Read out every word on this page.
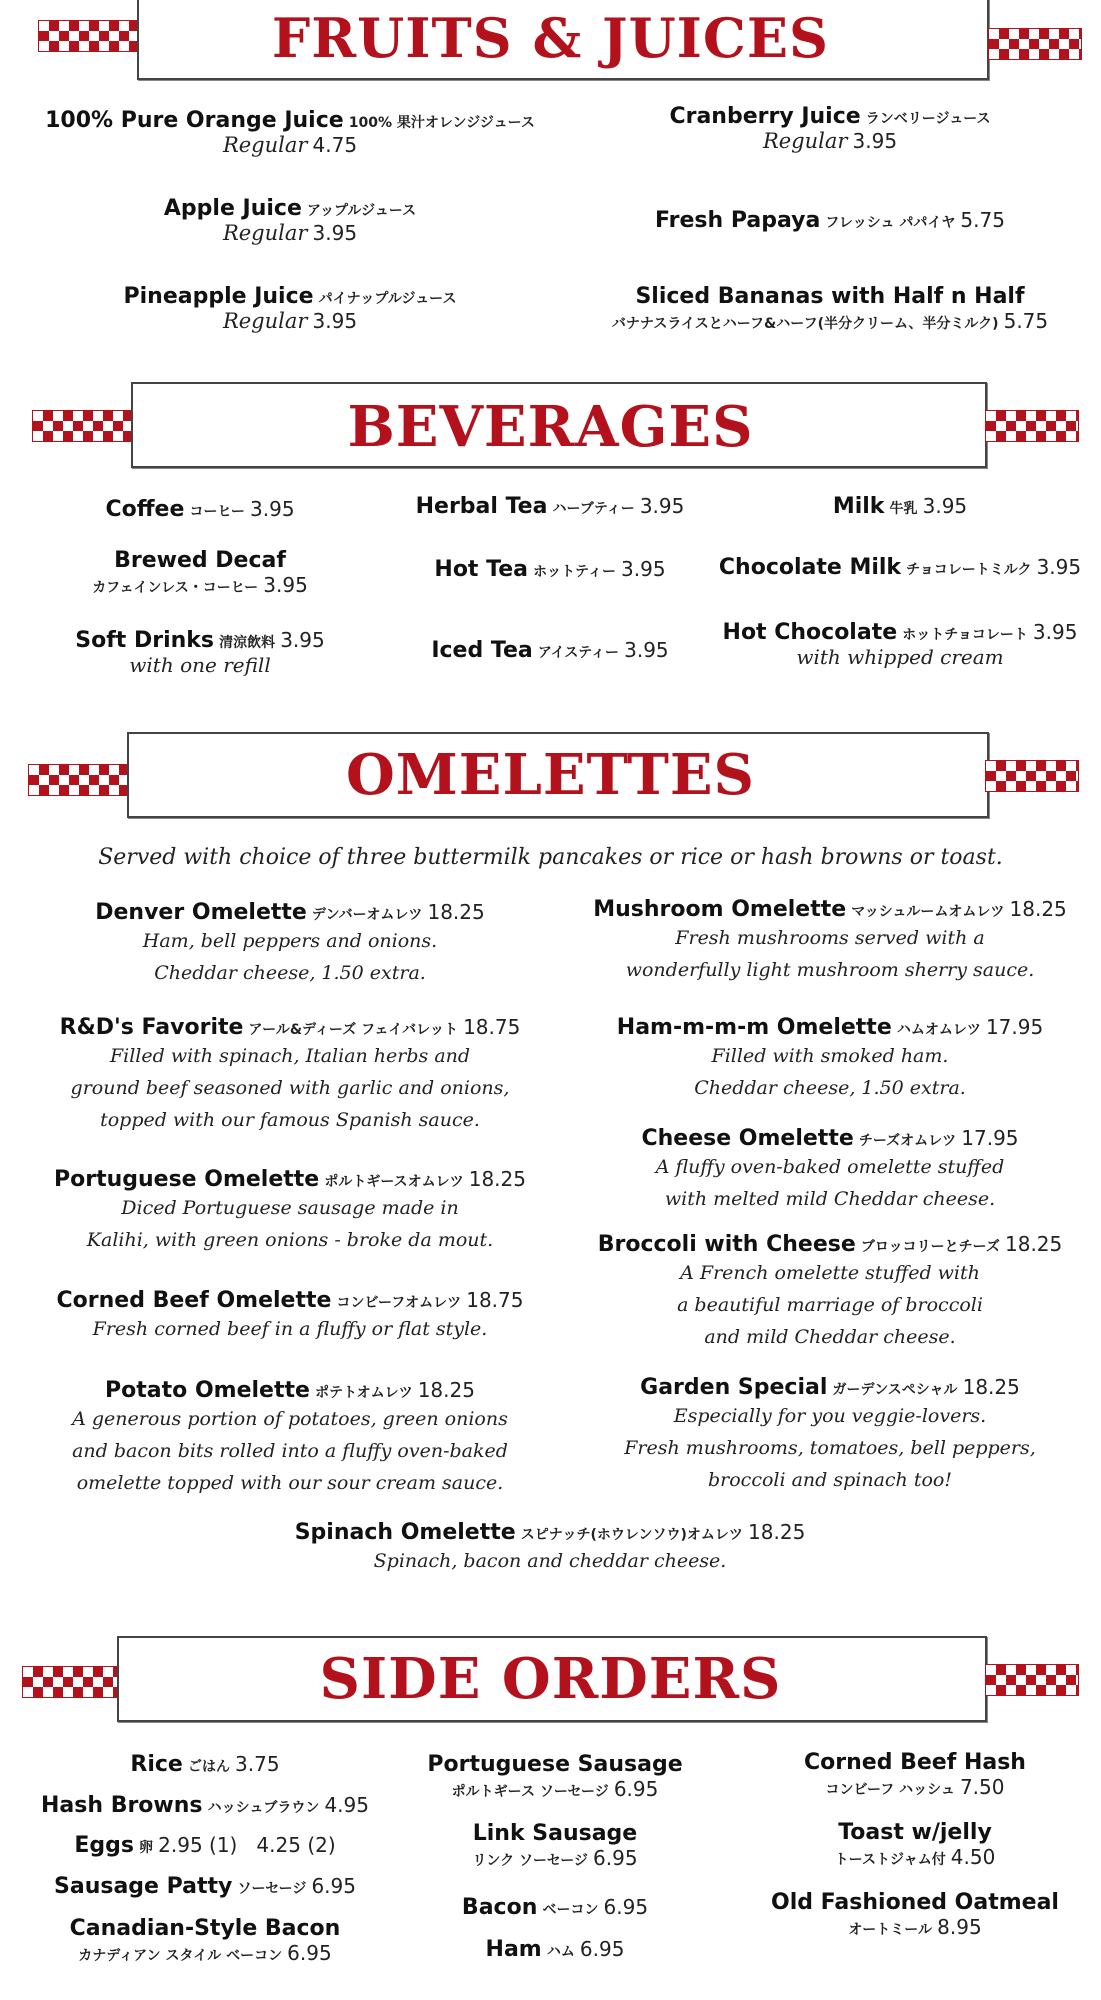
FRUITS & JUICES
100% Pure Orange Juice 100% 果汁オレンジジュース
Regular 4.75
Apple Juice アップルジュース
Regular 3.95
Pineapple Juice パイナップルジュース
Regular 3.95
Cranberry Juice ランベリージュース
Regular 3.95
Fresh Papaya フレッシュ パパイヤ 5.75
Sliced Bananas with Half n Half
バナナスライスとハーフ&ハーフ(半分クリーム、半分ミルク) 5.75
BEVERAGES
Coffee コーヒー 3.95
Brewed Decaf
カフェインレス・コーヒー 3.95
Soft Drinks 清涼飲料 3.95
with one refill
Herbal Tea ハーブティー 3.95
Hot Tea ホットティー 3.95
Iced Tea アイスティー 3.95
Milk 牛乳 3.95
Chocolate Milk チョコレートミルク 3.95
Hot Chocolate ホットチョコレート 3.95
with whipped cream
OMELETTES
Served with choice of three buttermilk pancakes or rice or hash browns or toast.
Denver Omelette デンバーオムレツ 18.25
Ham, bell peppers and onions.
Cheddar cheese, 1.50 extra.
R&D's Favorite アール&ディーズ フェイバレット 18.75
Filled with spinach, Italian herbs and
ground beef seasoned with garlic and onions,
topped with our famous Spanish sauce.
Portuguese Omelette ポルトギースオムレツ 18.25
Diced Portuguese sausage made in
Kalihi, with green onions - broke da mout.
Corned Beef Omelette コンビーフオムレツ 18.75
Fresh corned beef in a fluffy or flat style.
Potato Omelette ポテトオムレツ 18.25
A generous portion of potatoes, green onions
and bacon bits rolled into a fluffy oven-baked
omelette topped with our sour cream sauce.
Mushroom Omelette マッシュルームオムレツ 18.25
Fresh mushrooms served with a
wonderfully light mushroom sherry sauce.
Ham-m-m-m Omelette ハムオムレツ 17.95
Filled with smoked ham.
Cheddar cheese, 1.50 extra.
Cheese Omelette チーズオムレツ 17.95
A fluffy oven-baked omelette stuffed
with melted mild Cheddar cheese.
Broccoli with Cheese ブロッコリーとチーズ 18.25
A French omelette stuffed with
a beautiful marriage of broccoli
and mild Cheddar cheese.
Garden Special ガーデンスペシャル 18.25
Especially for you veggie-lovers.
Fresh mushrooms, tomatoes, bell peppers,
broccoli and spinach too!
Spinach Omelette スピナッチ(ホウレンソウ)オムレツ 18.25
Spinach, bacon and cheddar cheese.
SIDE ORDERS
Rice ごはん 3.75
Hash Browns ハッシュブラウン 4.95
Eggs 卵 2.95 (1)   4.25 (2)
Sausage Patty ソーセージ 6.95
Canadian-Style Bacon
カナディアン スタイル ベーコン 6.95
Portuguese Sausage
ポルトギース ソーセージ 6.95
Link Sausage
リンク ソーセージ 6.95
Bacon ベーコン 6.95
Ham ハム 6.95
Corned Beef Hash
コンビーフ ハッシュ 7.50
Toast w/jelly
トーストジャム付 4.50
Old Fashioned Oatmeal
オートミール 8.95
